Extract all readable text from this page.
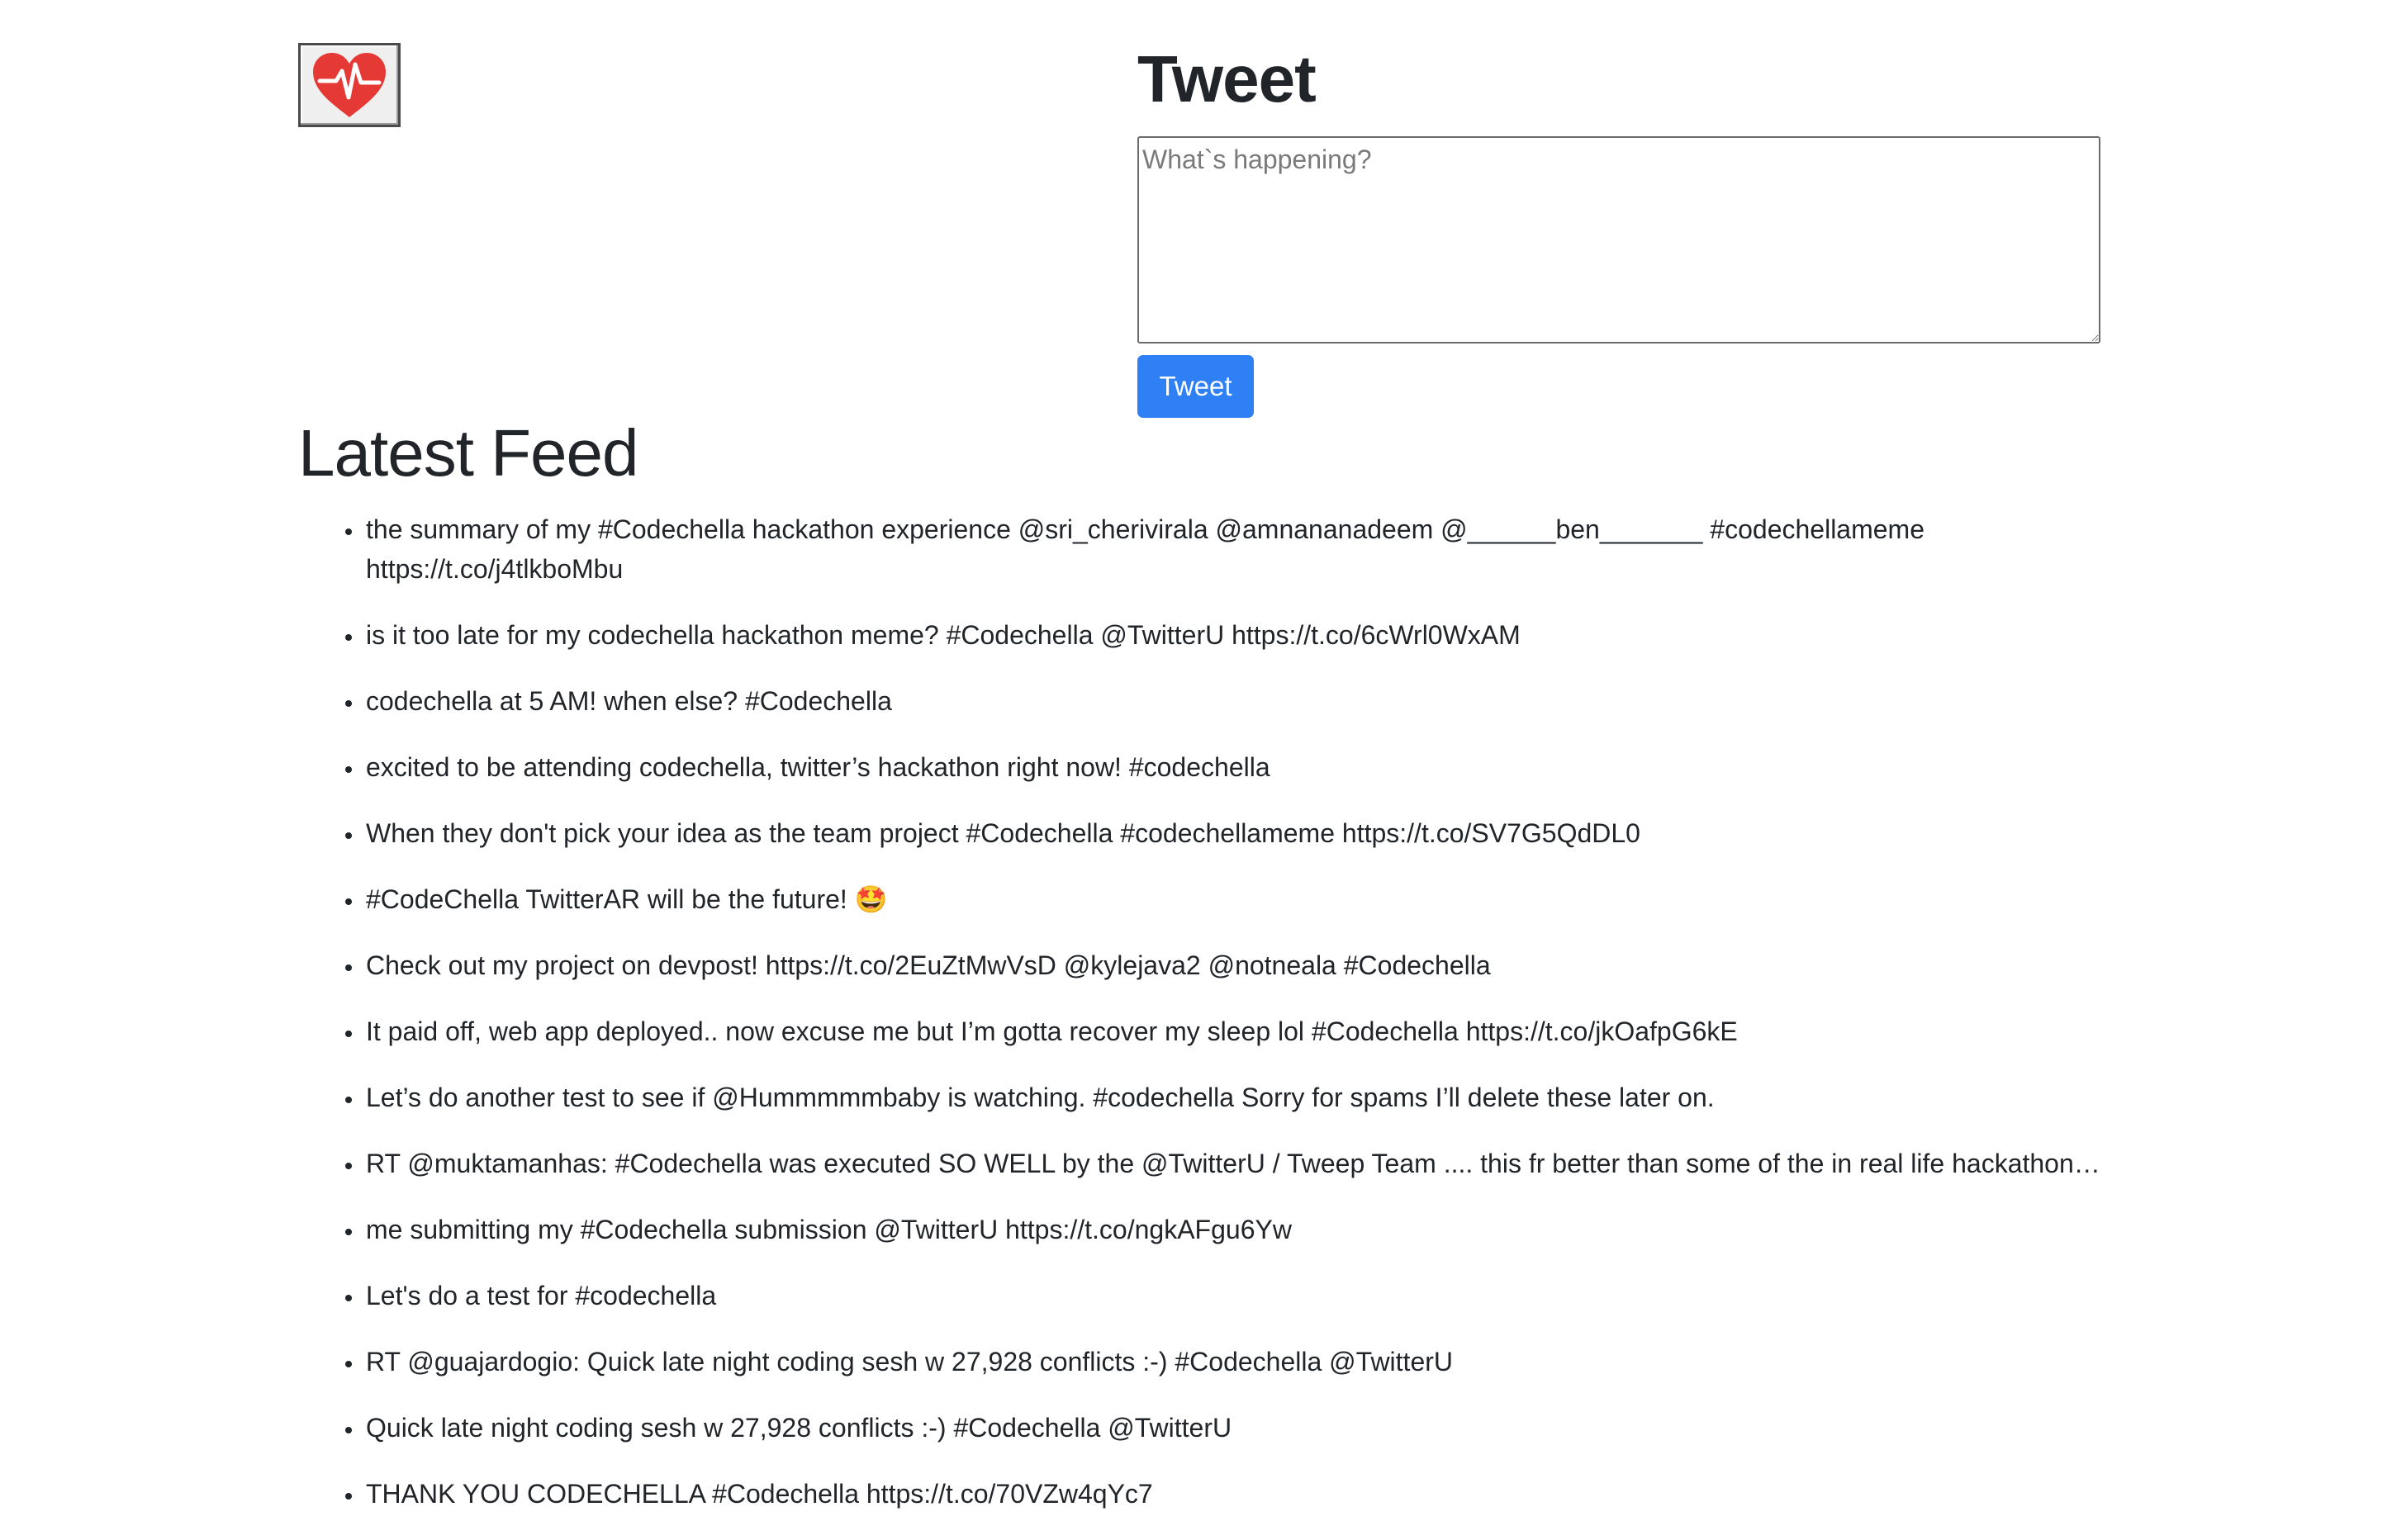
Tweet
What`s happening?
Tweet
Latest Feed
• the summary of my #Codechella hackathon experience @sri_cherivirala @amnananadeem @______ben_______ #codechellameme https://t.co/j4tlkboMbu
• is it too late for my codechella hackathon meme? #Codechella @TwitterU https://t.co/6cWrl0WxAM
• codechella at 5 AM! when else? #Codechella
• excited to be attending codechella, twitter’s hackathon right now! #codechella
• When they don't pick your idea as the team project #Codechella #codechellameme https://t.co/SV7G5QdDL0
• #CodeChella TwitterAR will be the future! 🤩
• Check out my project on devpost! https://t.co/2EuZtMwVsD @kylejava2 @notneala #Codechella
• It paid off, web app deployed.. now excuse me but I’m gotta recover my sleep lol #Codechella https://t.co/jkOafpG6kE
• Let’s do another test to see if @Hummmmmbaby is watching. #codechella Sorry for spams I’ll delete these later on.
• RT @muktamanhas: #Codechella was executed SO WELL by the @TwitterU / Tweep Team .... this fr better than some of the in real life hackathon…
• me submitting my #Codechella submission @TwitterU https://t.co/ngkAFgu6Yw
• Let's do a test for #codechella
• RT @guajardogio: Quick late night coding sesh w 27,928 conflicts :-) #Codechella @TwitterU
• Quick late night coding sesh w 27,928 conflicts :-) #Codechella @TwitterU
• THANK YOU CODECHELLA #Codechella https://t.co/70VZw4qYc7
